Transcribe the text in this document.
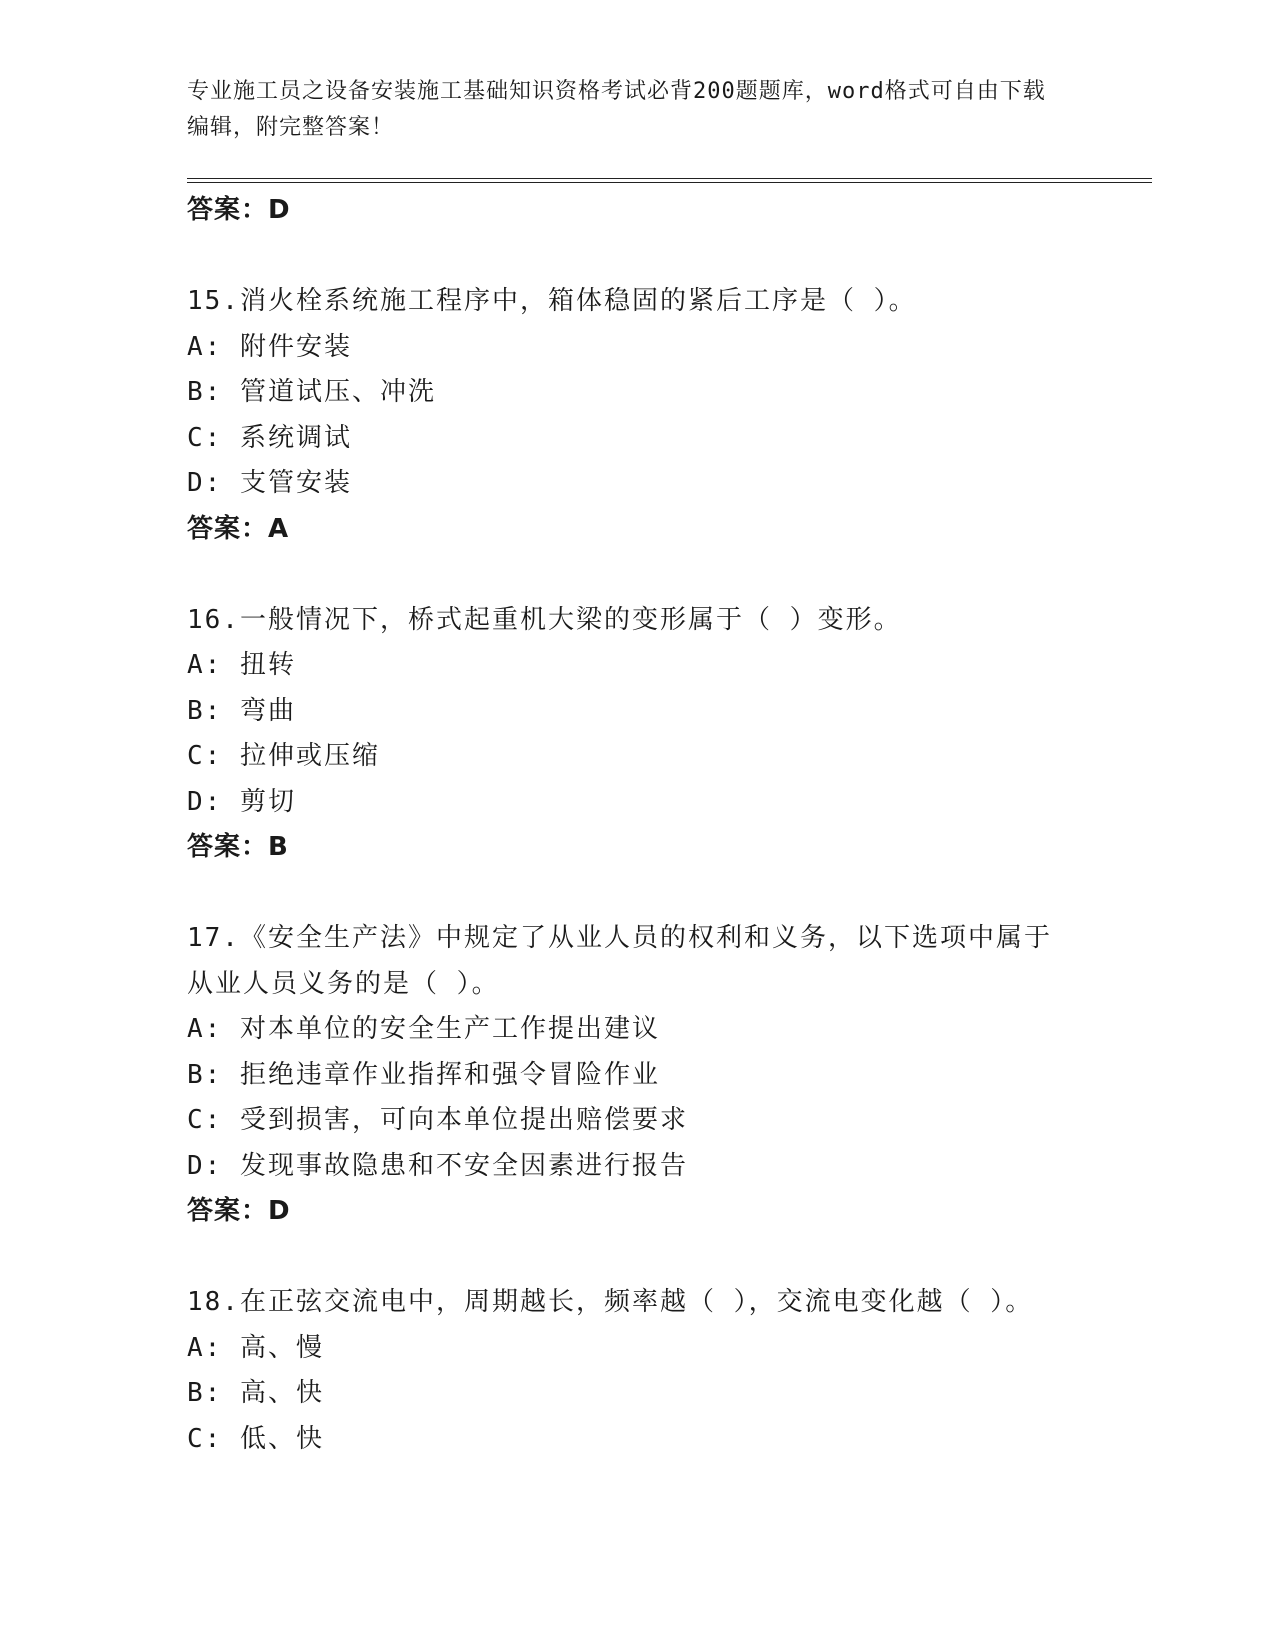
专业施工员之设备安装施工基础知识资格考试必背200题题库，word格式可自由下载编辑，附完整答案！
答案：D
15.消火栓系统施工程序中，箱体稳固的紧后工序是（ ）。
A: 附件安装
B: 管道试压、冲洗
C: 系统调试
D: 支管安装
答案：A
16.一般情况下，桥式起重机大梁的变形属于（ ）变形。
A: 扭转
B: 弯曲
C: 拉伸或压缩
D: 剪切
答案：B
17.《安全生产法》中规定了从业人员的权利和义务，以下选项中属于
从业人员义务的是（ ）。
A: 对本单位的安全生产工作提出建议
B: 拒绝违章作业指挥和强令冒险作业
C: 受到损害，可向本单位提出赔偿要求
D: 发现事故隐患和不安全因素进行报告
答案：D
18.在正弦交流电中，周期越长，频率越（ ），交流电变化越（ ）。
A: 高、慢
B: 高、快
C: 低、快
